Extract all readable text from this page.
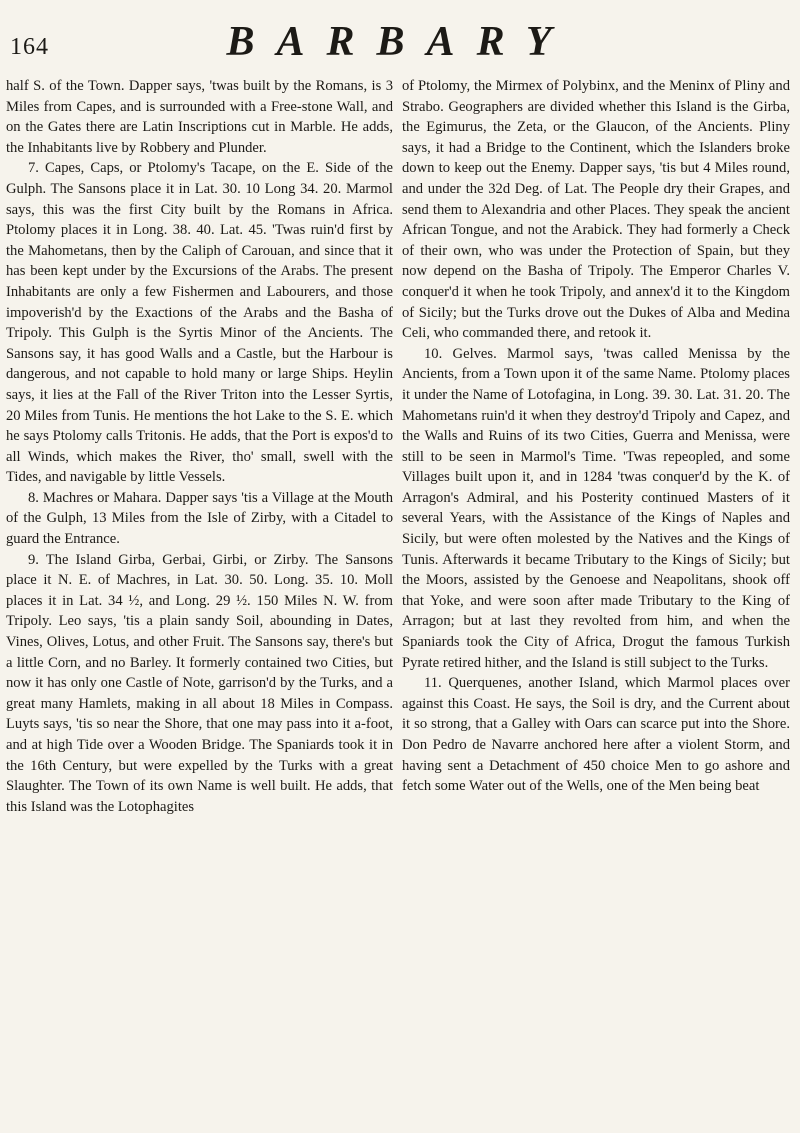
164	BARBARY

half S. of the Town. Dapper says, 'twas built by the Romans, is 3 Miles from Capes, and is surrounded with a Free-stone Wall, and on the Gates there are Latin Inscriptions cut in Marble. He adds, the Inhabitants live by Robbery and Plunder.

7. Capes, Caps, or Ptolomy's Tacape, on the E. Side of the Gulph. The Sansons place it in Lat. 30. 10 Long 34. 20. Marmol says, this was the first City built by the Romans in Africa. Ptolomy places it in Long. 38. 40. Lat. 45. 'Twas ruin'd first by the Mahometans, then by the Caliph of Carouan, and since that it has been kept under by the Excursions of the Arabs. The present Inhabitants are only a few Fishermen and Labourers, and those impoverish'd by the Exactions of the Arabs and the Basha of Tripoly. This Gulph is the Syrtis Minor of the Ancients. The Sansons say, it has good Walls and a Castle, but the Harbour is dangerous, and not capable to hold many or large Ships. Heylin says, it lies at the Fall of the River Triton into the Lesser Syrtis, 20 Miles from Tunis. He mentions the hot Lake to the S. E. which he says Ptolomy calls Tritonis. He adds, that the Port is expos'd to all Winds, which makes the River, tho' small, swell with the Tides, and navigable by little Vessels.

8. Machres or Mahara. Dapper says 'tis a Village at the Mouth of the Gulph, 13 Miles from the Isle of Zirby, with a Citadel to guard the Entrance.

9. The Island Girba, Gerbai, Girbi, or Zirby. The Sansons place it N. E. of Machres, in Lat. 30. 50. Long. 35. 10. Moll places it in Lat. 34 ½, and Long. 29 ½. 150 Miles N. W. from Tripoly. Leo says, 'tis a plain sandy Soil, abounding in Dates, Vines, Olives, Lotus, and other Fruit. The Sansons say, there's but a little Corn, and no Barley. It formerly contained two Cities, but now it has only one Castle of Note, garrison'd by the Turks, and a great many Hamlets, making in all about 18 Miles in Compass. Luyts says, 'tis so near the Shore, that one may pass into it a-foot, and at high Tide over a Wooden Bridge. The Spaniards took it in the 16th Century, but were expelled by the Turks with a great Slaughter. The Town of its own Name is well built. He adds, that this Island was the Lotophagites

of Ptolomy, the Mirmex of Polybinx, and the Meninx of Pliny and Strabo. Geographers are divided whether this Island is the Girba, the Egimurus, the Zeta, or the Glaucon, of the Ancients. Pliny says, it had a Bridge to the Continent, which the Islanders broke down to keep out the Enemy. Dapper says, 'tis but 4 Miles round, and under the 32d Deg. of Lat. The People dry their Grapes, and send them to Alexandria and other Places. They speak the ancient African Tongue, and not the Arabick. They had formerly a Check of their own, who was under the Protection of Spain, but they now depend on the Basha of Tripoly. The Emperor Charles V. conquer'd it when he took Tripoly, and annex'd it to the Kingdom of Sicily; but the Turks drove out the Dukes of Alba and Medina Celi, who commanded there, and retook it.

10. Gelves. Marmol says, 'twas called Menissa by the Ancients, from a Town upon it of the same Name. Ptolomy places it under the Name of Lotofagina, in Long. 39. 30. Lat. 31. 20. The Mahometans ruin'd it when they destroy'd Tripoly and Capez, and the Walls and Ruins of its two Cities, Guerra and Menissa, were still to be seen in Marmol's Time. 'Twas repeopled, and some Villages built upon it, and in 1284 'twas conquer'd by the K. of Arragon's Admiral, and his Posterity continued Masters of it several Years, with the Assistance of the Kings of Naples and Sicily, but were often molested by the Natives and the Kings of Tunis. Afterwards it became Tributary to the Kings of Sicily; but the Moors, assisted by the Genoese and Neapolitans, shook off that Yoke, and were soon after made Tributary to the King of Arragon; but at last they revolted from him, and when the Spaniards took the City of Africa, Drogut the famous Turkish Pyrate retired hither, and the Island is still subject to the Turks.

11. Querquenes, another Island, which Marmol places over against this Coast. He says, the Soil is dry, and the Current about it so strong, that a Galley with Oars can scarce put into the Shore. Don Pedro de Navarre anchored here after a violent Storm, and having sent a Detachment of 450 choice Men to go ashore and fetch some Water out of the Wells, one of the Men being beat
